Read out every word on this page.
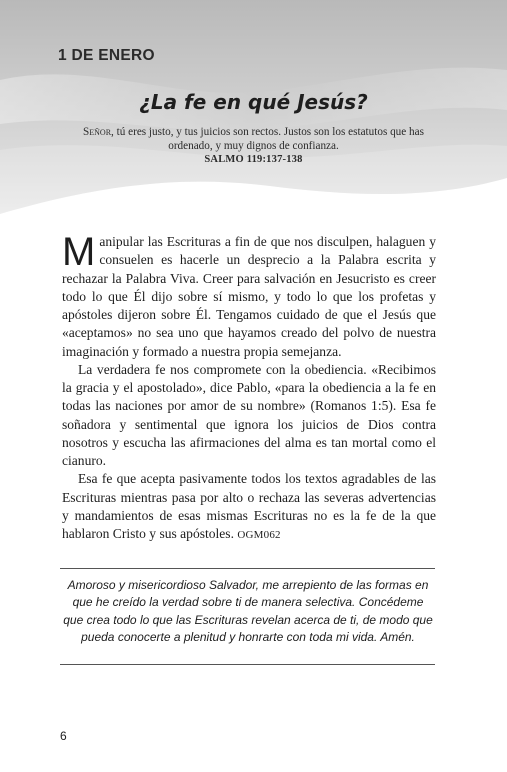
1 DE ENERO
¿La fe en qué Jesús?
Señor, tú eres justo, y tus juicios son rectos. Justos son los estatutos que has ordenado, y muy dignos de confianza.
SALMO 119:137-138

Manipular las Escrituras a fin de que nos disculpen, halaguen y consuelen es hacerle un desprecio a la Palabra escrita y rechazar la Palabra Viva. Creer para salvación en Jesucristo es creer todo lo que Él dijo sobre sí mismo, y todo lo que los profetas y apóstoles dijeron sobre Él. Tengamos cuidado de que el Jesús que «aceptamos» no sea uno que hayamos creado del polvo de nuestra imaginación y formado a nuestra propia semejanza.

La verdadera fe nos compromete con la obediencia. «Recibimos la gracia y el apostolado», dice Pablo, «para la obediencia a la fe en todas las naciones por amor de su nombre» (Romanos 1:5). Esa fe soñadora y sentimental que ignora los juicios de Dios contra nosotros y escucha las afirmaciones del alma es tan mortal como el cianuro.

Esa fe que acepta pasivamente todos los textos agradables de las Escrituras mientras pasa por alto o rechaza las severas advertencias y mandamientos de esas mismas Escrituras no es la fe de la que hablaron Cristo y sus apóstoles. OGM062

Amoroso y misericordioso Salvador, me arrepiento de las formas en que he creído la verdad sobre ti de manera selectiva. Concédeme que crea todo lo que las Escrituras revelan acerca de ti, de modo que pueda conocerte a plenitud y honrarte con toda mi vida. Amén.
6
